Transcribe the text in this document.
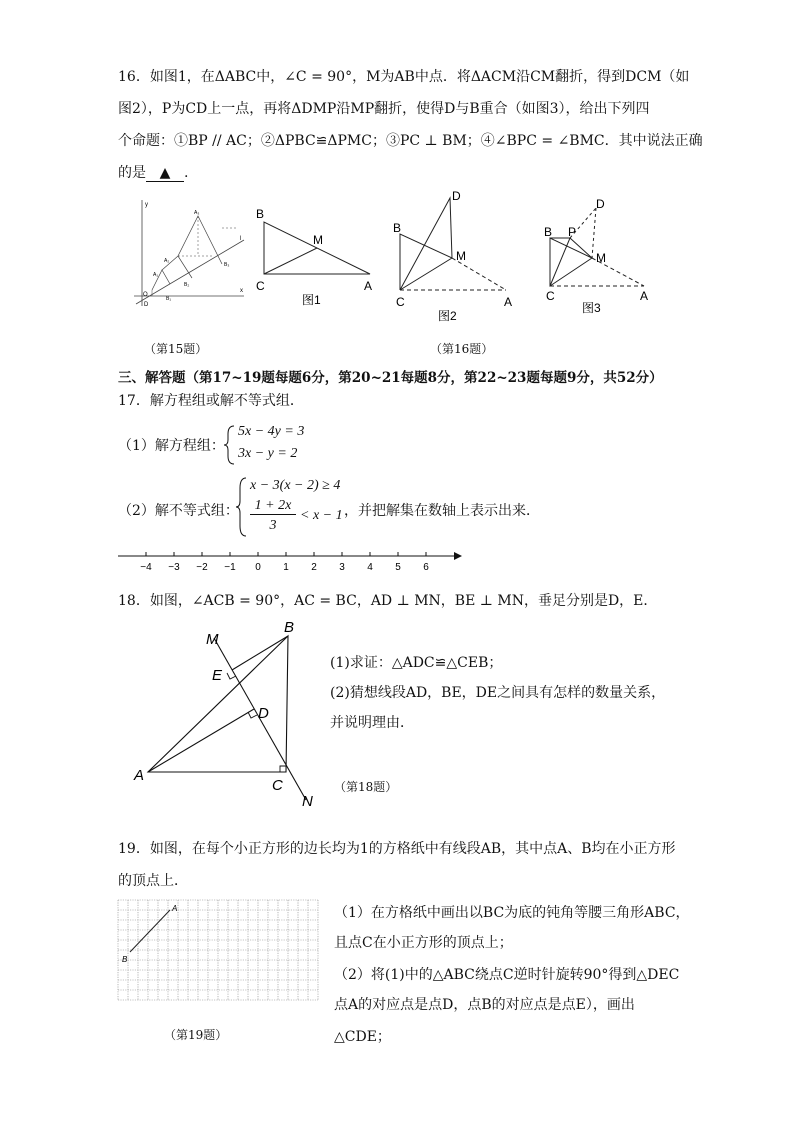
16．如图1，在ΔABC中，∠C = 90°，M为AB中点．将ΔACM沿CM翻折，得到DCM（如
图2），P为CD上一点，再将ΔDMP沿MP翻折，使得D与B重合（如图3），给出下列四
个命题：①BP // AC；②ΔPBC≌ΔPMC；③PC ⊥ BM；④∠BPC = ∠BMC．其中说法正确
的是 ▲ .
y
x
O
D
A₁
A₂
A₃
B₁
B₂
B₃
l
（第15题）
B
M
C	A
图1
D
B
M
C	A
图2
D
B P
M
C	A
图3
（第16题）
三、解答题（第17~19题每题6分，第20~21每题8分，第22~23题每题9分，共52分）
17．解方程组或解不等式组．
（1）解方程组：
5x − 4y = 3
3x − y = 2
（2）解不等式组：
x − 3(x − 2) ≥ 4
1 + 2x
3
< x − 1 ，并把解集在数轴上表示出来．
−4 −3 −2 −1 0 1 2 3 4 5 6
18．如图，∠ACB = 90°，AC = BC，AD ⊥ MN，BE ⊥ MN，垂足分别是D，E．
M
B
E
D
A
C
N
(1)求证：△ADC≌△CEB；
(2)猜想线段AD，BE，DE之间具有怎样的数量关系，
并说明理由．
（第18题）
19．如图，在每个小正方形的边长均为1的方格纸中有线段AB，其中点A、B均在小正方形
的顶点上．
A
B
（1）在方格纸中画出以BC为底的钝角等腰三角形ABC，
且点C在小正方形的顶点上；
（2）将(1)中的△ABC绕点C逆时针旋转90°得到△DEC
点A的对应点是点D，点B的对应点是点E），画出
△CDE；
（第19题）
